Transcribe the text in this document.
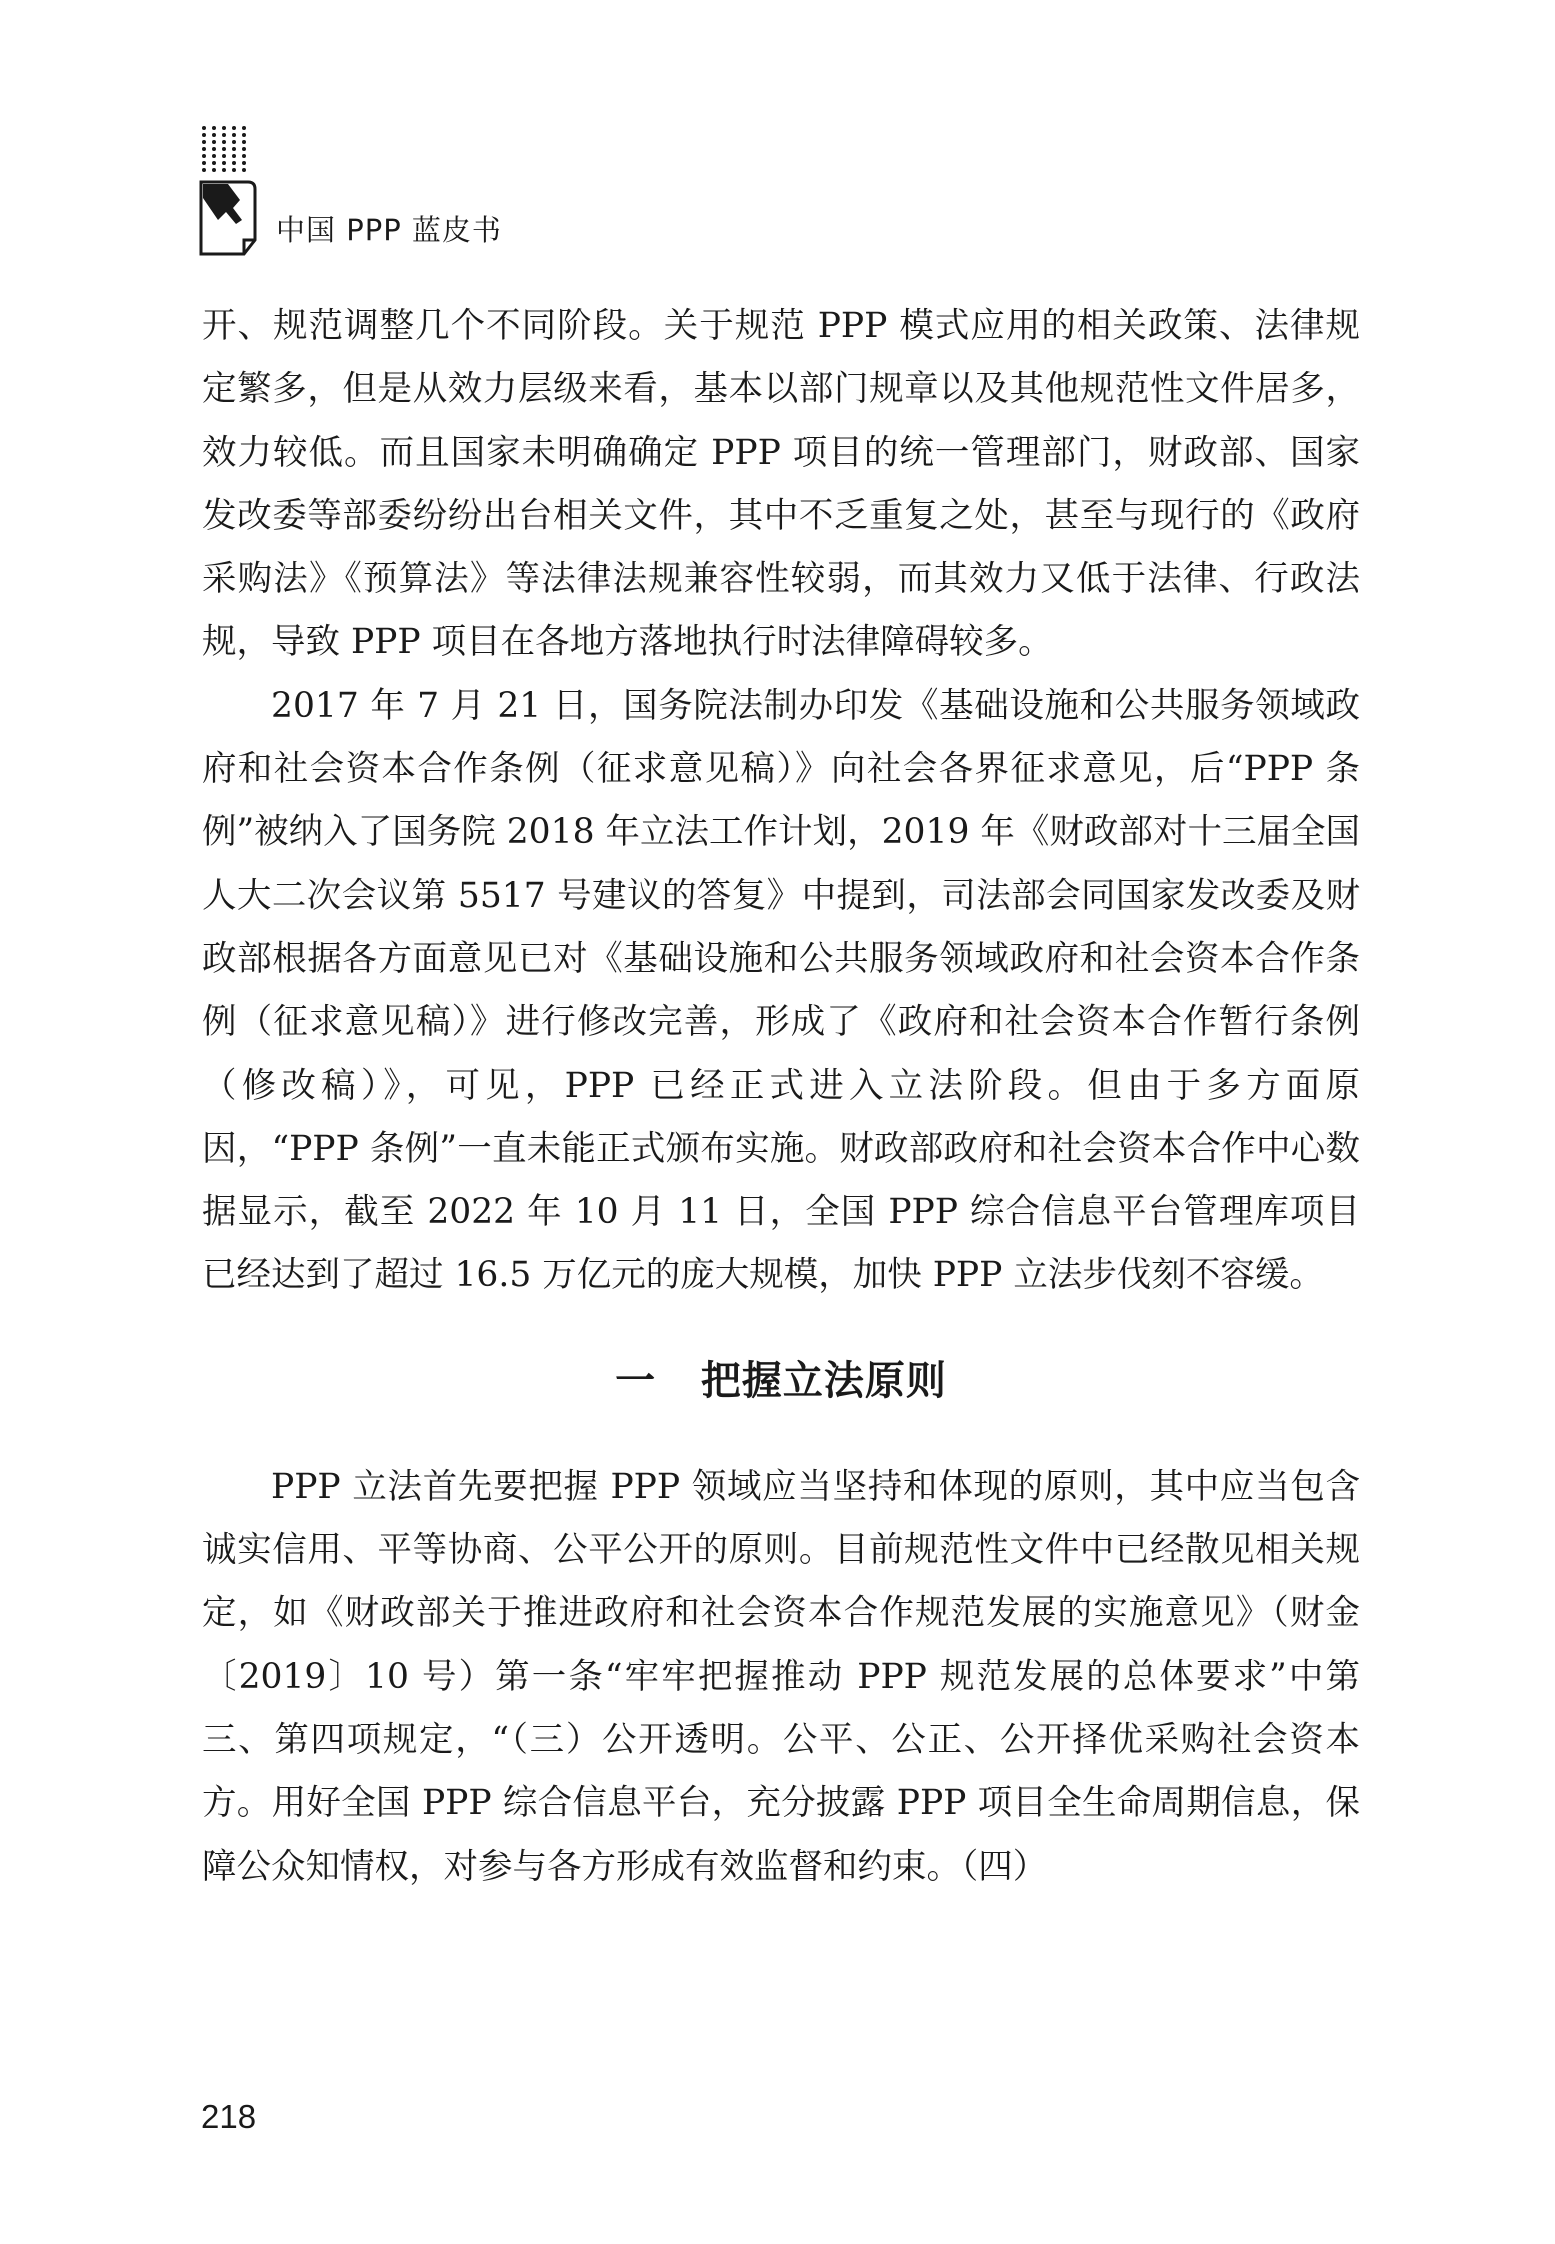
中国 PPP 蓝皮书

开、规范调整几个不同阶段。关于规范 PPP 模式应用的相关政策、法律规定繁多，但是从效力层级来看，基本以部门规章以及其他规范性文件居多，效力较低。而且国家未明确确定 PPP 项目的统一管理部门，财政部、国家发改委等部委纷纷出台相关文件，其中不乏重复之处，甚至与现行的《政府采购法》《预算法》等法律法规兼容性较弱，而其效力又低于法律、行政法规，导致 PPP 项目在各地方落地执行时法律障碍较多。

2017 年 7 月 21 日，国务院法制办印发《基础设施和公共服务领域政府和社会资本合作条例（征求意见稿）》向社会各界征求意见，后“PPP 条例”被纳入了国务院 2018 年立法工作计划，2019 年《财政部对十三届全国人大二次会议第 5517 号建议的答复》中提到，司法部会同国家发改委及财政部根据各方面意见已对《基础设施和公共服务领域政府和社会资本合作条例（征求意见稿）》进行修改完善，形成了《政府和社会资本合作暂行条例（修改稿）》，可见，PPP 已经正式进入立法阶段。但由于多方面原因，“PPP 条例”一直未能正式颁布实施。财政部政府和社会资本合作中心数据显示，截至 2022 年 10 月 11 日，全国 PPP 综合信息平台管理库项目已经达到了超过 16.5 万亿元的庞大规模，加快 PPP 立法步伐刻不容缓。

一 把握立法原则

PPP 立法首先要把握 PPP 领域应当坚持和体现的原则，其中应当包含诚实信用、平等协商、公平公开的原则。目前规范性文件中已经散见相关规定，如《财政部关于推进政府和社会资本合作规范发展的实施意见》（财金〔2019〕10 号）第一条“牢牢把握推动 PPP 规范发展的总体要求”中第三、第四项规定，“（三）公开透明。公平、公正、公开择优采购社会资本方。用好全国 PPP 综合信息平台，充分披露 PPP 项目全生命周期信息，保障公众知情权，对参与各方形成有效监督和约束。（四）

218
